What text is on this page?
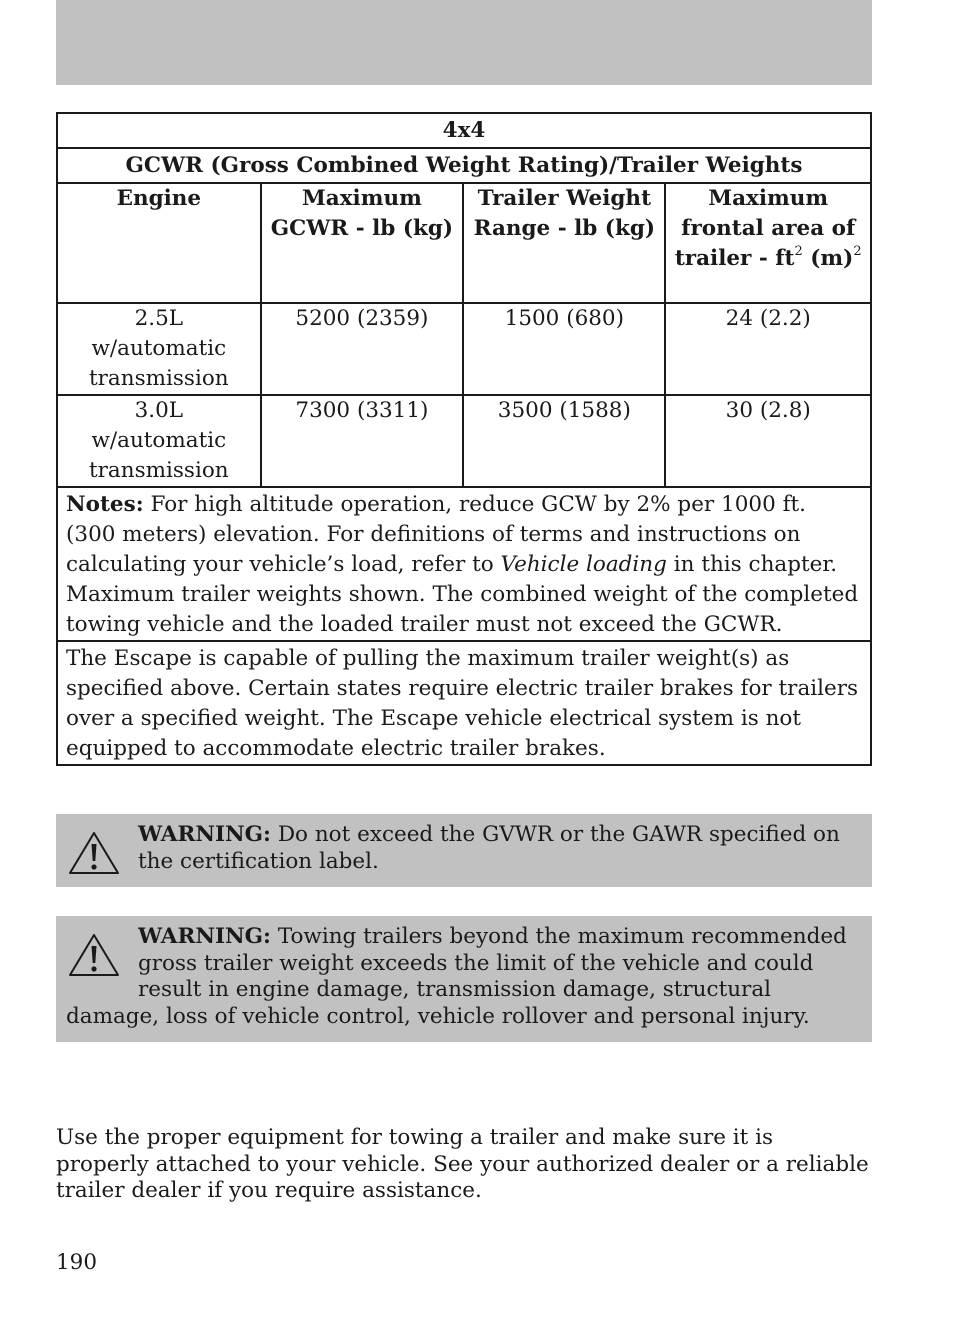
4x4			
GCWR (Gross Combined Weight Rating)/Trailer Weights			
Engine	Maximum GCWR - lb (kg)	Trailer Weight Range - lb (kg)	Maximum frontal area of trailer - $ft^2$ $(m)^2$
2.5L w/automatic transmission	5200 (2359)	1500 (680)	24 (2.2)
3.0L w/automatic transmission	7300 (3311)	3500 (1588)	30 (2.8)
Notes: For high altitude operation, reduce GCW by 2% per 1000 ft. (300 meters) elevation. For definitions of terms and instructions on calculating your vehicle’s load, refer to Vehicle loading in this chapter. Maximum trailer weights shown. The combined weight of the completed towing vehicle and the loaded trailer must not exceed the GCWR.			
The Escape is capable of pulling the maximum trailer weight(s) as specified above. Certain states require electric trailer brakes for trailers over a specified weight. The Escape vehicle electrical system is not equipped to accommodate electric trailer brakes.			
WARNING: Do not exceed the GVWR or the GAWR specified on the certification label.
WARNING: Towing trailers beyond the maximum recommended gross trailer weight exceeds the limit of the vehicle and could result in engine damage, transmission damage, structural damage, loss of vehicle control, vehicle rollover and personal injury.

Use the proper equipment for towing a trailer and make sure it is properly attached to your vehicle. See your authorized dealer or a reliable trailer dealer if you require assistance.

190
